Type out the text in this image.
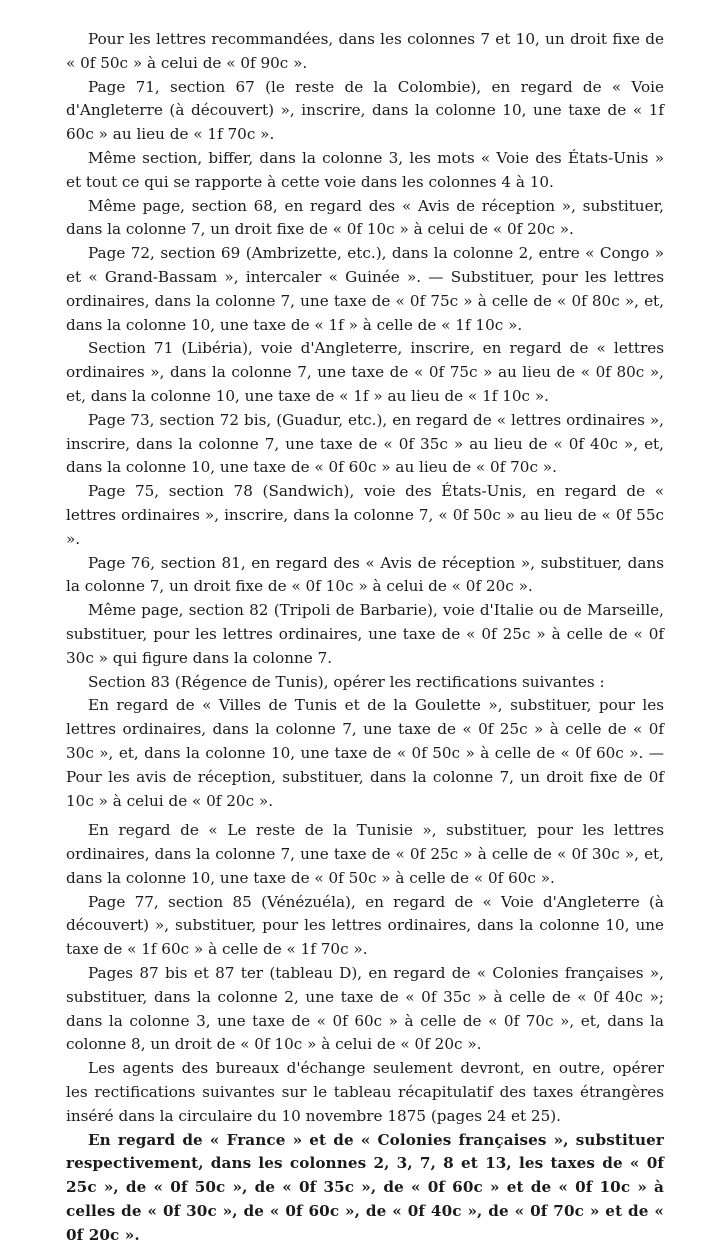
Pour les lettres recommandées, dans les colonnes 7 et 10, un droit fixe de « 0f 50c » à celui de « 0f 90c ».

Page 71, section 67 (le reste de la Colombie), en regard de « Voie d'Angleterre (à découvert) », inscrire, dans la colonne 10, une taxe de « 1f 60c » au lieu de « 1f 70c ».

Même section, biffer, dans la colonne 3, les mots « Voie des États-Unis » et tout ce qui se rapporte à cette voie dans les colonnes 4 à 10.

Même page, section 68, en regard des « Avis de réception », substituer, dans la colonne 7, un droit fixe de « 0f 10c » à celui de « 0f 20c ».

Page 72, section 69 (Ambrizette, etc.), dans la colonne 2, entre « Congo » et « Grand-Bassam », intercaler « Guinée ». — Substituer, pour les lettres ordinaires, dans la colonne 7, une taxe de « 0f 75c » à celle de « 0f 80c », et, dans la colonne 10, une taxe de « 1f » à celle de « 1f 10c ».

Section 71 (Libéria), voie d'Angleterre, inscrire, en regard de « lettres ordinaires », dans la colonne 7, une taxe de « 0f 75c » au lieu de « 0f 80c », et, dans la colonne 10, une taxe de « 1f » au lieu de « 1f 10c ».

Page 73, section 72 bis, (Guadur, etc.), en regard de « lettres ordinaires », inscrire, dans la colonne 7, une taxe de « 0f 35c » au lieu de « 0f 40c », et, dans la colonne 10, une taxe de « 0f 60c » au lieu de « 0f 70c ».

Page 75, section 78 (Sandwich), voie des États-Unis, en regard de « lettres ordinaires », inscrire, dans la colonne 7, « 0f 50c » au lieu de « 0f 55c ».

Page 76, section 81, en regard des « Avis de réception », substituer, dans la colonne 7, un droit fixe de « 0f 10c » à celui de « 0f 20c ».

Même page, section 82 (Tripoli de Barbarie), voie d'Italie ou de Marseille, substituer, pour les lettres ordinaires, une taxe de « 0f 25c » à celle de « 0f 30c » qui figure dans la colonne 7.

Section 83 (Régence de Tunis), opérer les rectifications suivantes :

En regard de « Villes de Tunis et de la Goulette », substituer, pour les lettres ordinaires, dans la colonne 7, une taxe de « 0f 25c » à celle de « 0f 30c », et, dans la colonne 10, une taxe de « 0f 50c » à celle de « 0f 60c ». — Pour les avis de réception, substituer, dans la colonne 7, un droit fixe de 0f 10c » à celui de « 0f 20c ».

En regard de « Le reste de la Tunisie », substituer, pour les lettres ordinaires, dans la colonne 7, une taxe de « 0f 25c » à celle de « 0f 30c », et, dans la colonne 10, une taxe de « 0f 50c » à celle de « 0f 60c ».

Page 77, section 85 (Vénézuéla), en regard de « Voie d'Angleterre (à découvert) », substituer, pour les lettres ordinaires, dans la colonne 10, une taxe de « 1f 60c » à celle de « 1f 70c ».

Pages 87 bis et 87 ter (tableau D), en regard de « Colonies françaises », substituer, dans la colonne 2, une taxe de « 0f 35c » à celle de « 0f 40c »; dans la colonne 3, une taxe de « 0f 60c » à celle de « 0f 70c », et, dans la colonne 8, un droit de « 0f 10c » à celui de « 0f 20c ».

Les agents des bureaux d'échange seulement devront, en outre, opérer les rectifications suivantes sur le tableau récapitulatif des taxes étrangères inséré dans la circulaire du 10 novembre 1875 (pages 24 et 25).

En regard de « France » et de « Colonies françaises », substituer respectivement, dans les colonnes 2, 3, 7, 8 et 13, les taxes de « 0f 25c », de « 0f 50c », de « 0f 35c », de « 0f 60c » et de « 0f 10c » à celles de « 0f 30c », de « 0f 60c », de « 0f 40c », de « 0f 70c » et de « 0f 20c ».
